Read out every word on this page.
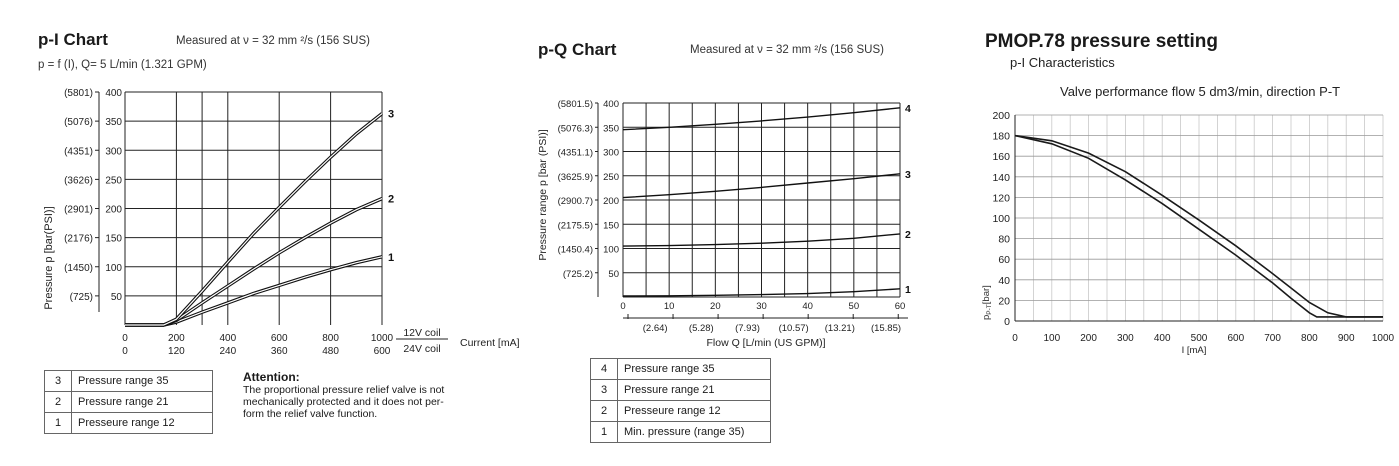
p-I Chart	Measured at ν = 32 mm ²/s (156 SUS)
p = f (I), Q= 5 L/min (1.321 GPM)
Pressure p [bar(PSI)]
12V coil
24V coil Current [mA]
50
(725)
100
(1450)
150
(2176)
200
(2901)
250
(3626)
300
(4351)
350
(5076)
400
(5801)
0
0
200
120
400
240
600
360
800
480
1000
600
1
2
3
3	Pressure range 35
2	Pressure range 21
1	Presseure range 12
Attention:
The proportional pressure relief valve is not
mechanically protected and it does not per-
form the relief valve function.
p-Q Chart	Measured at ν = 32 mm ²/s (156 SUS)
Pressure range p [bar (PSI)]
Flow Q [L/min (US GPM)]
50
(725.2)
100
(1450.4)
150
(2175.5)
200
(2900.7)
250
(3625.9)
300
(4351.1)
350
(5076.3)
400
(5801.5)
0	10	20	30	40	50	60
(2.64) (5.28) (7.93) (10.57) (13.21) (15.85)
1
2
3
4
4	Pressure range 35
3	Pressure range 21
2	Presseure range 12
1	Min. pressure (range 35)
PMOP.78 pressure setting
p-I Characteristics
Valve performance flow 5 dm3/min, direction P-T
$p_{P-T}[bar]$
I [mA]
0
20
40
60
80
100
120
140
160
180
200
0	100 200 300 400 500 600 700 800 900 1000
